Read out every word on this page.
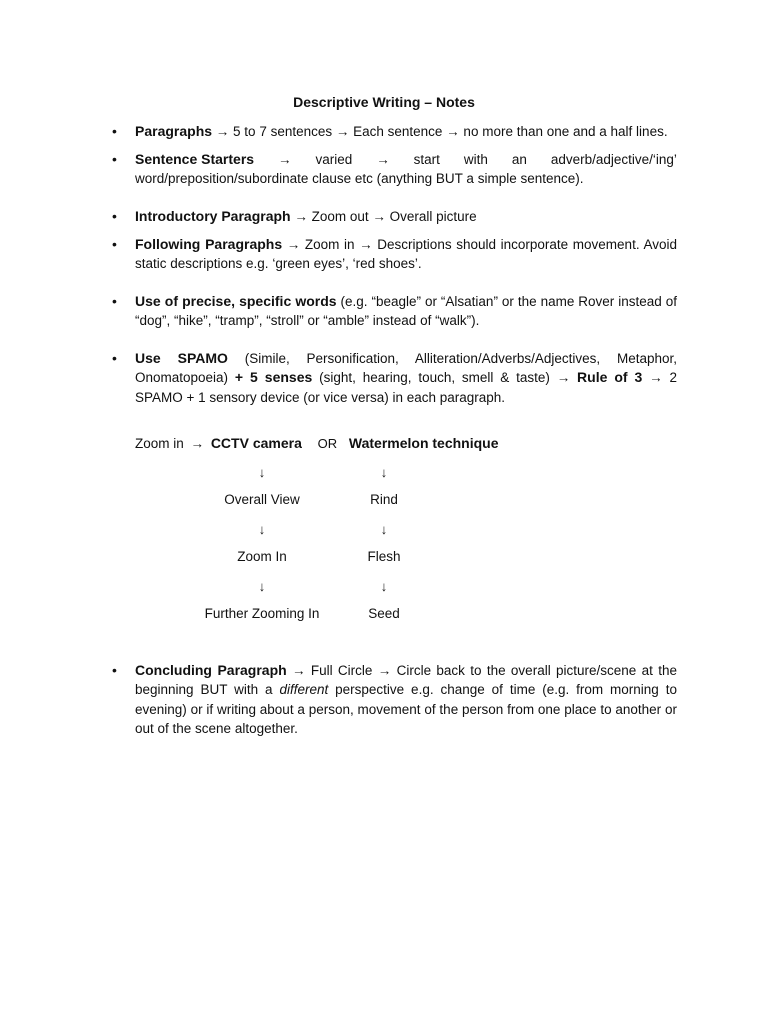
Descriptive Writing – Notes
• Paragraphs → 5 to 7 sentences → Each sentence → no more than one and a half lines.
• Sentence Starters → varied → start with an adverb/adjective/‘ing’
word/preposition/subordinate clause etc (anything BUT a simple sentence).
• Introductory Paragraph → Zoom out → Overall picture
• Following Paragraphs → Zoom in → Descriptions should incorporate movement. Avoid static descriptions e.g. ‘green eyes’, ‘red shoes’.
• Use of precise, specific words (e.g. “beagle” or “Alsatian” or the name Rover instead of “dog”, “hike”, “tramp”, “stroll” or “amble” instead of “walk”).
• Use SPAMO (Simile, Personification, Alliteration/Adverbs/Adjectives, Metaphor, Onomatopoeia) + 5 senses (sight, hearing, touch, smell & taste) → Rule of 3 → 2 SPAMO + 1 sensory device (or vice versa) in each paragraph.
Zoom in → CCTV camera OR Watermelon technique
↓	↓
Overall View	Rind
↓	↓
Zoom In	Flesh
↓	↓
Further Zooming In	Seed
• Concluding Paragraph → Full Circle → Circle back to the overall picture/scene at the beginning BUT with a different perspective e.g. change of time (e.g. from morning to evening) or if writing about a person, movement of the person from one place to another or out of the scene altogether.
